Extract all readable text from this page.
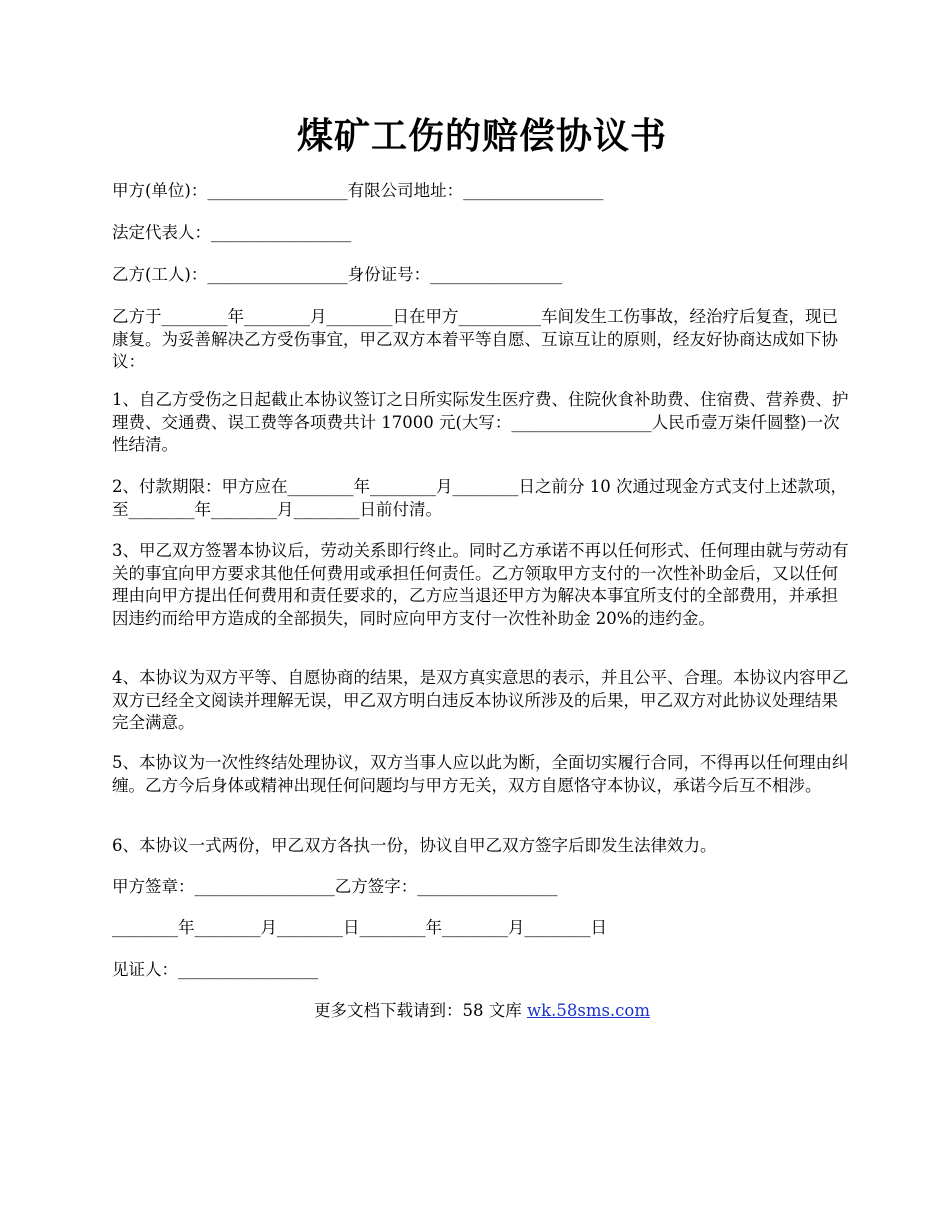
煤矿工伤的赔偿协议书

甲方(单位)：_________________有限公司地址：_________________

法定代表人：_________________

乙方(工人)：_________________身份证号：________________

乙方于________年________月________日在甲方__________车间发生工伤事故，经治疗后复查，现已康复。为妥善解决乙方受伤事宜，甲乙双方本着平等自愿、互谅互让的原则，经友好协商达成如下协议：

1、自乙方受伤之日起截止本协议签订之日所实际发生医疗费、住院伙食补助费、住宿费、营养费、护理费、交通费、误工费等各项费共计 17000 元(大写：_________________人民币壹万柒仟圆整)一次性结清。

2、付款期限：甲方应在________年________月________日之前分 10 次通过现金方式支付上述款项，至________年________月________日前付清。

3、甲乙双方签署本协议后，劳动关系即行终止。同时乙方承诺不再以任何形式、任何理由就与劳动有关的事宜向甲方要求其他任何费用或承担任何责任。乙方领取甲方支付的一次性补助金后，又以任何理由向甲方提出任何费用和责任要求的，乙方应当退还甲方为解决本事宜所支付的全部费用，并承担因违约而给甲方造成的全部损失，同时应向甲方支付一次性补助金 20%的违约金。

4、本协议为双方平等、自愿协商的结果，是双方真实意思的表示，并且公平、合理。本协议内容甲乙双方已经全文阅读并理解无误，甲乙双方明白违反本协议所涉及的后果，甲乙双方对此协议处理结果完全满意。

5、本协议为一次性终结处理协议，双方当事人应以此为断，全面切实履行合同，不得再以任何理由纠缠。乙方今后身体或精神出现任何问题均与甲方无关，双方自愿恪守本协议，承诺今后互不相涉。

6、本协议一式两份，甲乙双方各执一份，协议自甲乙双方签字后即发生法律效力。

甲方签章：_________________乙方签字：_________________

________年________月________日________年________月________日

见证人：_________________

更多文档下载请到：58 文库 wk.58sms.com
